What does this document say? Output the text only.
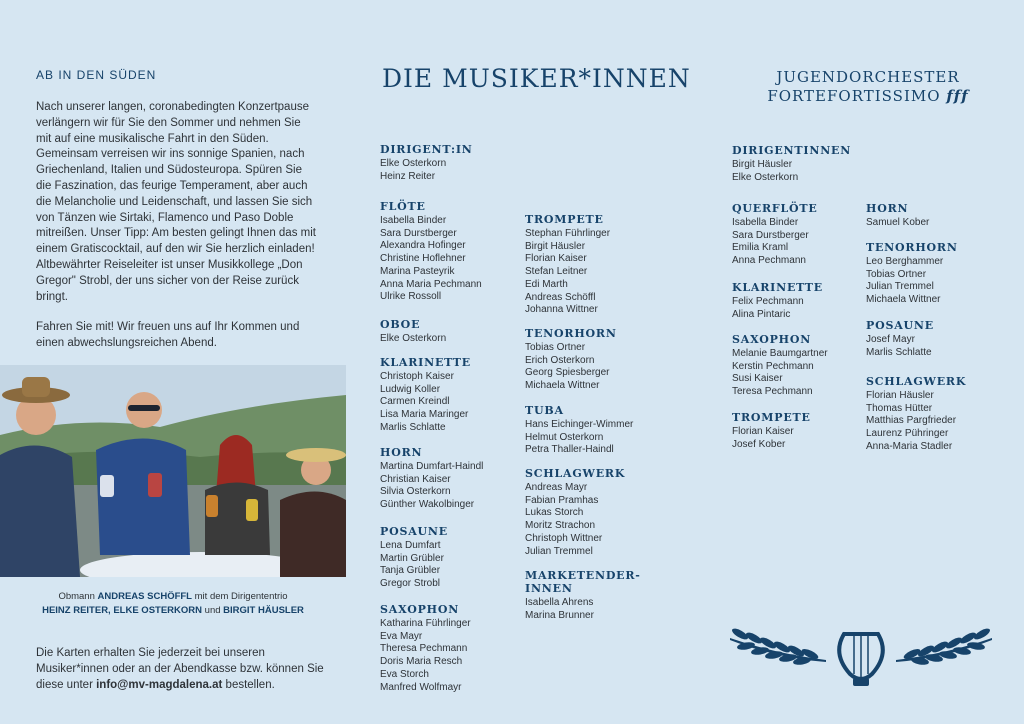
AB IN DEN SÜDEN

Nach unserer langen, coronabedingten Konzertpause verlängern wir für Sie den Sommer und nehmen Sie mit auf eine musikalische Fahrt in den Süden. Gemeinsam verreisen wir ins sonnige Spanien, nach Griechenland, Italien und Südosteuropa. Spüren Sie die Faszination, das feurige Temperament, aber auch die Melancholie und Leidenschaft, und lassen Sie sich von Tänzen wie Sirtaki, Flamenco und Paso Doble mitreißen. Unser Tipp: Am besten gelingt Ihnen das mit einem Gratiscocktail, auf den wir Sie herzlich einladen! Altbewährter Reiseleiter ist unser Musikkollege „Don Gregor" Strobl, der uns sicher von der Reise zurück bringt.

Fahren Sie mit! Wir freuen uns auf Ihr Kommen und einen abwechslungsreichen Abend.

Obmann ANDREAS SCHÖFFL mit dem Dirigententrio
HEINZ REITER, ELKE OSTERKORN und BIRGIT HÄUSLER
Die Karten erhalten Sie jederzeit bei unseren Musiker*innen oder an der Abendkasse bzw. können Sie diese unter info@mv-magdalena.at bestellen.
DIE MUSIKER*INNEN	JUGENDORCHESTER
FORTEFORTISSIMO fff
DIRIGENT:IN
Elke Osterkorn
Heinz Reiter
FLÖTE
Isabella Binder
Sara Durstberger
Alexandra Hofinger
Christine Hoflehner
Marina Pasteyrik
Anna Maria Pechmann
Ulrike Rossoll
OBOE
Elke Osterkorn
KLARINETTE
Christoph Kaiser
Ludwig Koller
Carmen Kreindl
Lisa Maria Maringer
Marlis Schlatte
HORN
Martina Dumfart-Haindl
Christian Kaiser
Silvia Osterkorn
Günther Wakolbinger
POSAUNE
Lena Dumfart
Martin Grübler
Tanja Grübler
Gregor Strobl
SAXOPHON
Katharina Führlinger
Eva Mayr
Theresa Pechmann
Doris Maria Resch
Eva Storch
Manfred Wolfmayr
TROMPETE
Stephan Führlinger
Birgit Häusler
Florian Kaiser
Stefan Leitner
Edi Marth
Andreas Schöffl
Johanna Wittner
TENORHORN
Tobias Ortner
Erich Osterkorn
Georg Spiesberger
Michaela Wittner
TUBA
Hans Eichinger-Wimmer
Helmut Osterkorn
Petra Thaller-Haindl
SCHLAGWERK
Andreas Mayr
Fabian Pramhas
Lukas Storch
Moritz Strachon
Christoph Wittner
Julian Tremmel
MARKETENDER-INNEN
Isabella Ahrens
Marina Brunner
DIRIGENTINNEN
Birgit Häusler
Elke Osterkorn
QUERFLÖTE
Isabella Binder
Sara Durstberger
Emilia Kraml
Anna Pechmann
KLARINETTE
Felix Pechmann
Alina Pintaric
SAXOPHON
Melanie Baumgartner
Kerstin Pechmann
Susi Kaiser
Teresa Pechmann
TROMPETE
Florian Kaiser
Josef Kober
HORN
Samuel Kober
TENORHORN
Leo Berghammer
Tobias Ortner
Julian Tremmel
Michaela Wittner
POSAUNE
Josef Mayr
Marlis Schlatte
SCHLAGWERK
Florian Häusler
Thomas Hütter
Matthias Pargfrieder
Laurenz Pühringer
Anna-Maria Stadler
